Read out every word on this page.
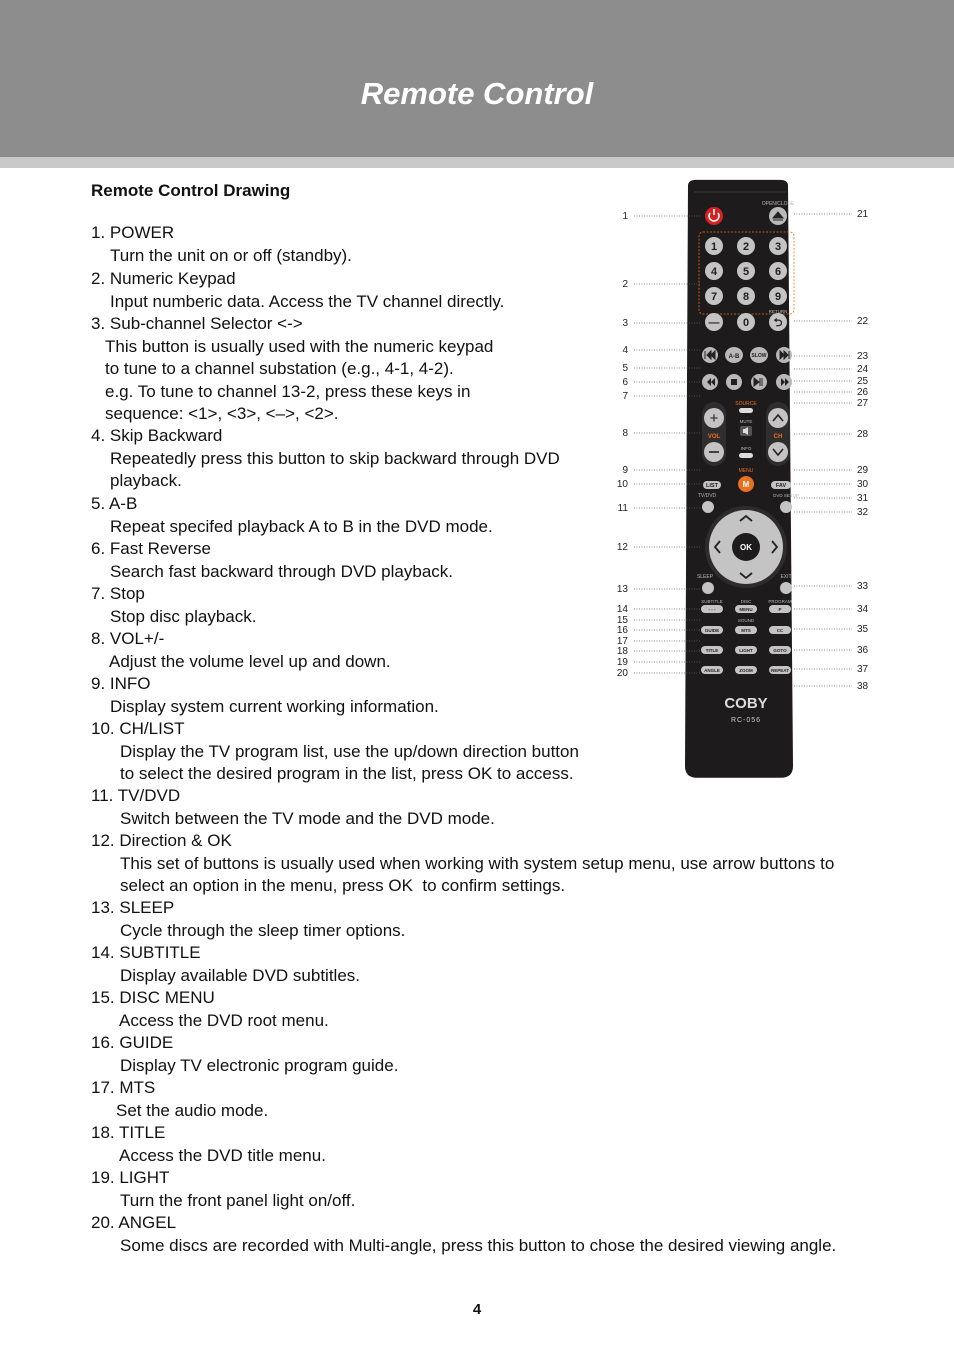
Remote Control
Remote Control Drawing
1. POWER
Turn the unit on or off (standby).
2. Numeric Keypad
Input numberic data. Access the TV channel directly.
3. Sub-channel Selector <->
This button is usually used with the numeric keypad
to tune to a channel substation (e.g., 4-1, 4-2).
e.g. To tune to channel 13-2, press these keys in
sequence: <1>, <3>, <–>, <2>.
4. Skip Backward
Repeatedly press this button to skip backward through DVD
playback.
5. A-B
Repeat specifed playback A to B in the DVD mode.
6. Fast Reverse
Search fast backward through DVD playback.
7. Stop
Stop disc playback.
8. VOL+/-
Adjust the volume level up and down.
9. INFO
Display system current working information.
10. CH/LIST
Display the TV program list, use the up/down direction button
to select the desired program in the list, press OK to access.
11. TV/DVD
Switch between the TV mode and the DVD mode.
12. Direction & OK
This set of buttons is usually used when working with system setup menu, use arrow buttons to
select an option in the menu, press OK  to confirm settings.
13. SLEEP
Cycle through the sleep timer options.
14. SUBTITLE
Display available DVD subtitles.
15. DISC MENU
Access the DVD root menu.
16. GUIDE
Display TV electronic program guide.
17. MTS
Set the audio mode.
18. TITLE
Access the DVD title menu.
19. LIGHT
Turn the front panel light on/off.
20. ANGEL
Some discs are recorded with Multi-angle, press this button to chose the desired viewing angle.
OPEN/CLOSE
1 2 3
4 5 6
7 8 9
— 0 ⮌
RETURN
A-B SLOW
SOURCE
+
VOL	CH
MUTE
INFO
MENU
M
LIST	FAV
TV/DVD	DVD SETUP
OK
SLEEP	EXIT
SUBTITLE	DISC	PROGRAM
- - -	MENU	P
GUIDE	MTS	CC
TITLE	LIGHT	GOTO
ANGLE	ZOOM	REPEAT
SOUND
COBY
RC-056
1
2
3
4
5
6
7
8
9
10
11
12
13
14
15
16
17
18
19
20
21
22
23
24
25
26
27
28
29
30
31
32
33
34
35
36
37
38
4
